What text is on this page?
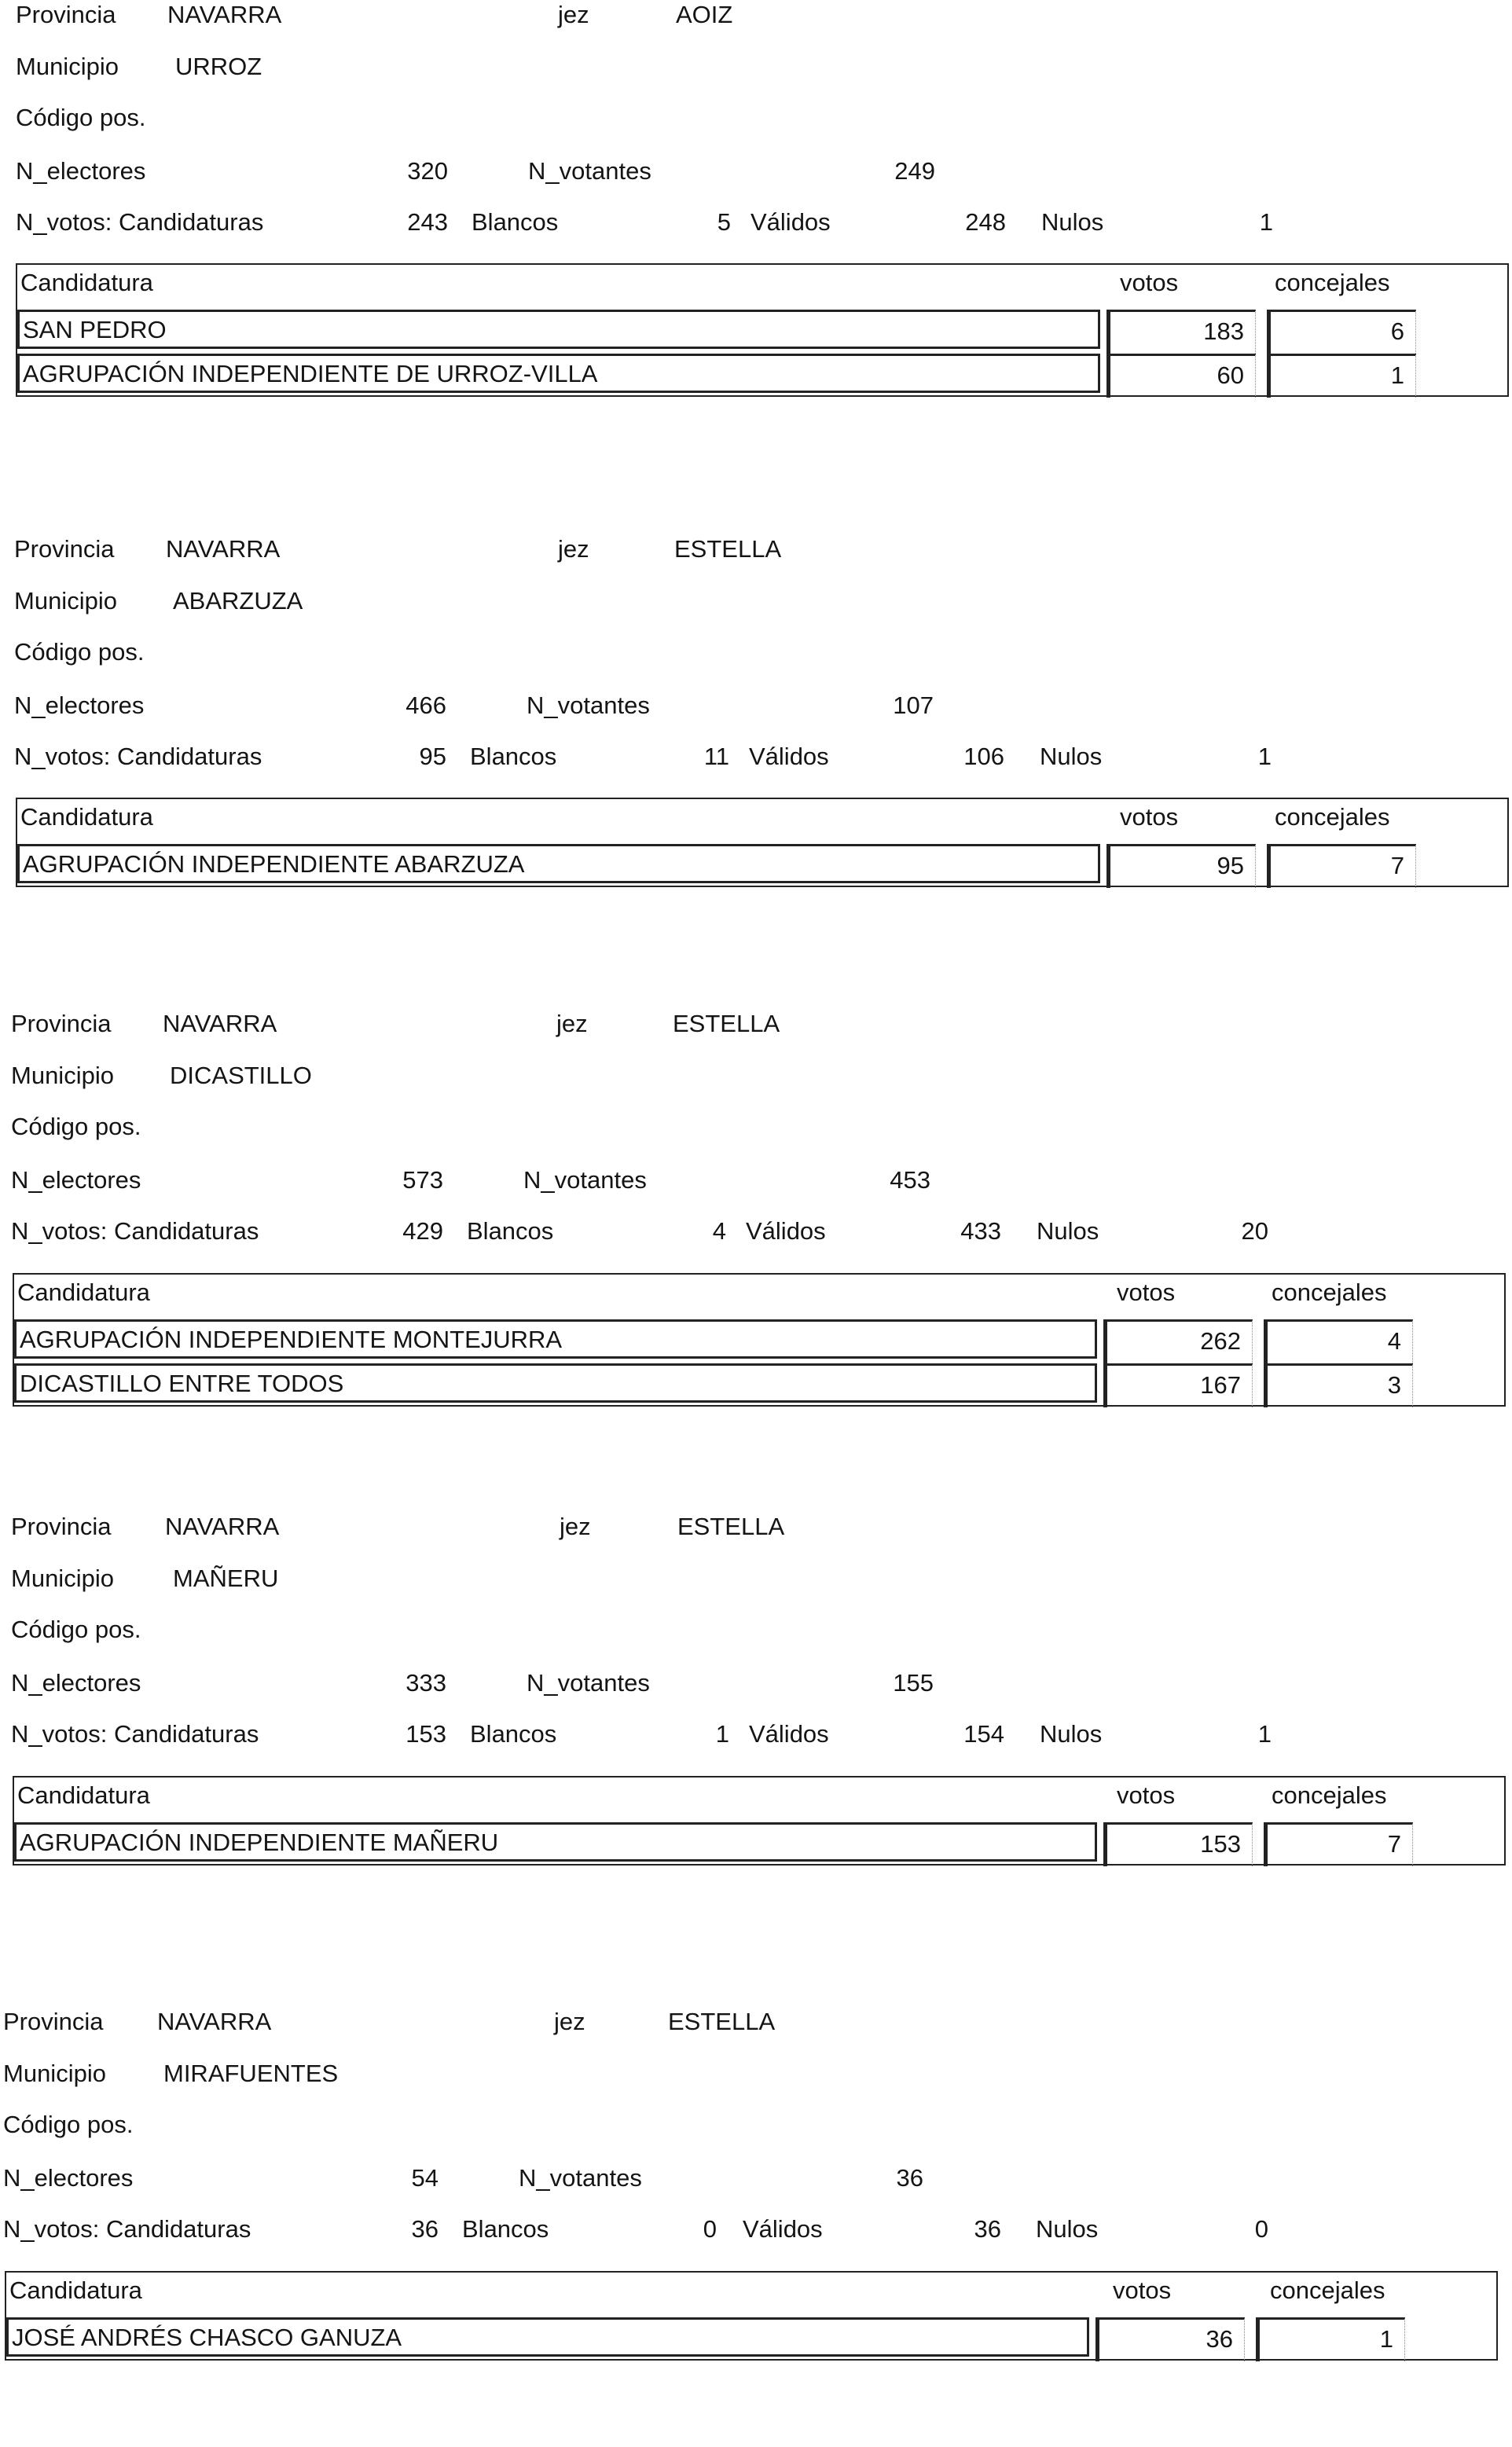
Provincia NAVARRA	jez	AOIZ
Municipio URROZ
Código pos.
N_electores	320	N_votantes	249
N_votos: Candidaturas	243 Blancos	5 Válidos	248 Nulos	1
Candidatura	votos	concejales
SAN PEDRO	183	6
AGRUPACIÓN INDEPENDIENTE DE URROZ-VILLA	60	1
Provincia NAVARRA	jez	ESTELLA
Municipio ABARZUZA
Código pos.
N_electores	466	N_votantes	107
N_votos: Candidaturas	95 Blancos	11 Válidos	106 Nulos	1
Candidatura	votos	concejales
AGRUPACIÓN INDEPENDIENTE ABARZUZA	95	7
Provincia NAVARRA	jez	ESTELLA
Municipio DICASTILLO
Código pos.
N_electores	573	N_votantes	453
N_votos: Candidaturas	429 Blancos	4 Válidos	433 Nulos	20
Candidatura	votos	concejales
AGRUPACIÓN INDEPENDIENTE MONTEJURRA	262	4
DICASTILLO ENTRE TODOS	167	3
Provincia NAVARRA	jez	ESTELLA
Municipio MAÑERU
Código pos.
N_electores	333	N_votantes	155
N_votos: Candidaturas	153 Blancos	1 Válidos	154 Nulos	1
Candidatura	votos	concejales
AGRUPACIÓN INDEPENDIENTE MAÑERU	153	7
Provincia NAVARRA	jez	ESTELLA
Municipio MIRAFUENTES
Código pos.
N_electores	54	N_votantes	36
N_votos: Candidaturas	36 Blancos	0 Válidos	36 Nulos	0
Candidatura	votos	concejales
JOSÉ ANDRÉS CHASCO GANUZA	36	1
